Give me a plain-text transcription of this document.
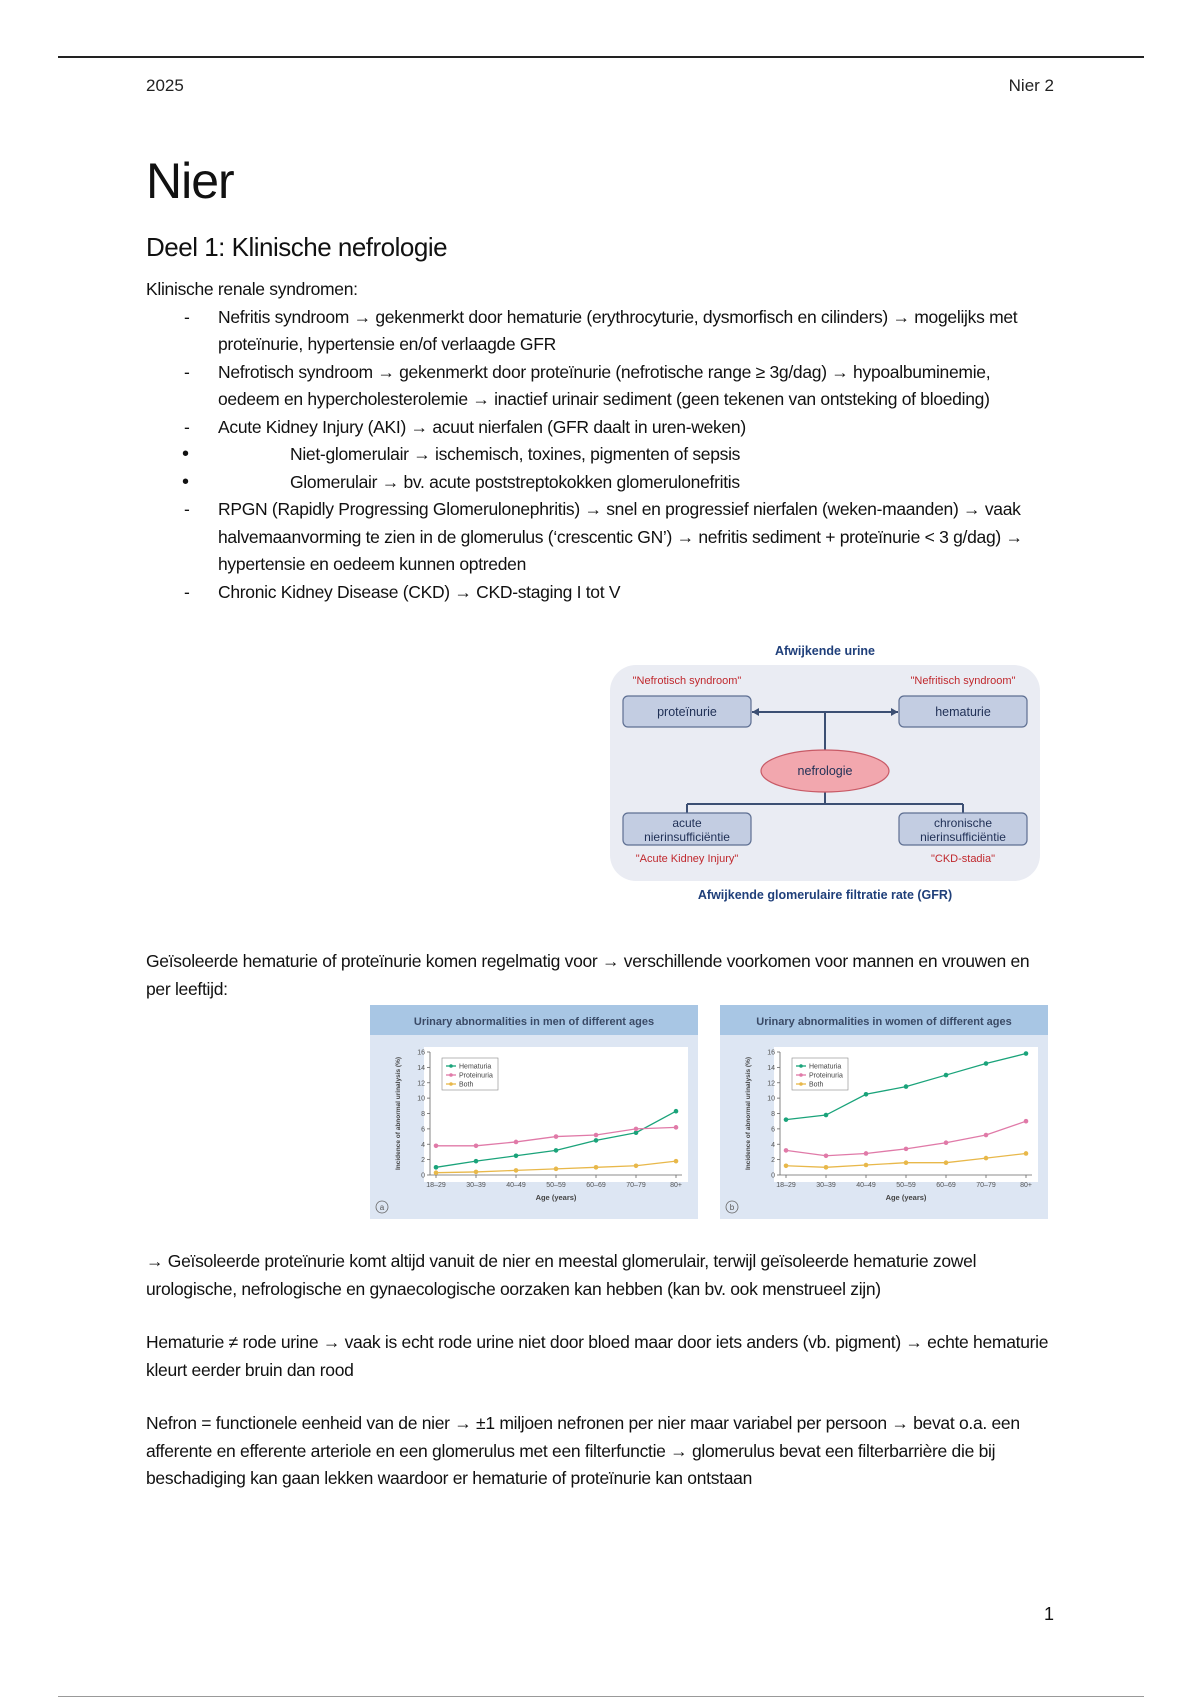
2025	Nier 2
Nier
Deel 1: Klinische nefrologie

Klinische renale syndromen:

- Nefritis syndroom → gekenmerkt door hematurie (erythrocyturie, dysmorfisch en cilinders) → mogelijks met proteïnurie, hypertensie en/of verlaagde GFR
- Nefrotisch syndroom → gekenmerkt door proteïnurie (nefrotische range ≥ 3g/dag) → hypoalbuminemie, oedeem en hypercholesterolemie → inactief urinair sediment (geen tekenen van ontsteking of bloeding)
- Acute Kidney Injury (AKI) → acuut nierfalen (GFR daalt in uren-weken)
• Niet-glomerulair → ischemisch, toxines, pigmenten of sepsis
• Glomerulair → bv. acute poststreptokokken glomerulonefritis
- RPGN (Rapidly Progressing Glomerulonephritis) → snel en progressief nierfalen (weken-maanden) → vaak halvemaanvorming te zien in de glomerulus (‘crescentic GN’) → nefritis sediment + proteïnurie < 3 g/dag) → hypertensie en oedeem kunnen optreden
- Chronic Kidney Disease (CKD) → CKD-staging I tot V
Afwijkende urine
Afwijkende glomerulaire filtratie rate (GFR)
"Nefrotisch syndroom"
proteïnurie
"Nefritisch syndroom"
hematurie
nefrologie
acute
nierinsufficiëntie
"Acute Kidney Injury"
chronische
nierinsufficiëntie
"CKD-stadia"

Geïsoleerde hematurie of proteïnurie komen regelmatig voor → verschillende voorkomen voor mannen en vrouwen en per leeftijd:

Urinary abnormalities in men of different ages
0
2
4
6
8
10
12
14
16
18–29	30–39	40–49	50–59	60–69	70–79	80+
Age (years)
Incidence of abnormal urinalysis (%)
a
Hematuria
Proteinuria
Both
Urinary abnormalities in women of different ages
0
2
4
6
8
10
12
14
16
18–29	30–39	40–49	50–59	60–69	70–79	80+
Age (years)
Incidence of abnormal urinalysis (%)
b
Hematuria
Proteinuria
Both

→ Geïsoleerde proteïnurie komt altijd vanuit de nier en meestal glomerulair, terwijl geïsoleerde hematurie zowel urologische, nefrologische en gynaecologische oorzaken kan hebben (kan bv. ook menstrueel zijn)

Hematurie ≠ rode urine → vaak is echt rode urine niet door bloed maar door iets anders (vb. pigment) → echte hematurie kleurt eerder bruin dan rood

Nefron = functionele eenheid van de nier → ±1 miljoen nefronen per nier maar variabel per persoon → bevat o.a. een afferente en efferente arteriole en een glomerulus met een filterfunctie → glomerulus bevat een filterbarrière die bij beschadiging kan gaan lekken waardoor er hematurie of proteïnurie kan ontstaan

1
